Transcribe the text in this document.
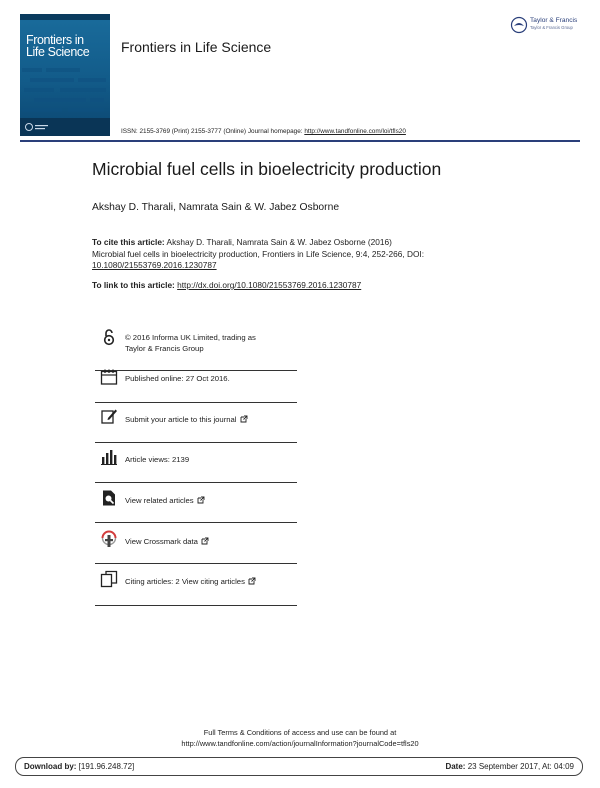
Frontiers in
Life Science	Frontiers in Life Science
Taylor & Francis
Taylor & Francis Group
ISSN: 2155-3769 (Print) 2155-3777 (Online) Journal homepage: http://www.tandfonline.com/loi/tfls20
Microbial fuel cells in bioelectricity production
Akshay D. Tharali, Namrata Sain & W. Jabez Osborne
To cite this article: Akshay D. Tharali, Namrata Sain & W. Jabez Osborne (2016)
Microbial fuel cells in bioelectricity production, Frontiers in Life Science, 9:4, 252-266, DOI:
10.1080/21553769.2016.1230787
To link to this article: http://dx.doi.org/10.1080/21553769.2016.1230787
© 2016 Informa UK Limited, trading as
Taylor & Francis Group
Published online: 27 Oct 2016.
Submit your article to this journal
Article views: 2139
View related articles
View Crossmark data
Citing articles: 2 View citing articles
Full Terms & Conditions of access and use can be found at
http://www.tandfonline.com/action/journalInformation?journalCode=tfls20
Download by: [191.96.248.72]	Date: 23 September 2017, At: 04:09
